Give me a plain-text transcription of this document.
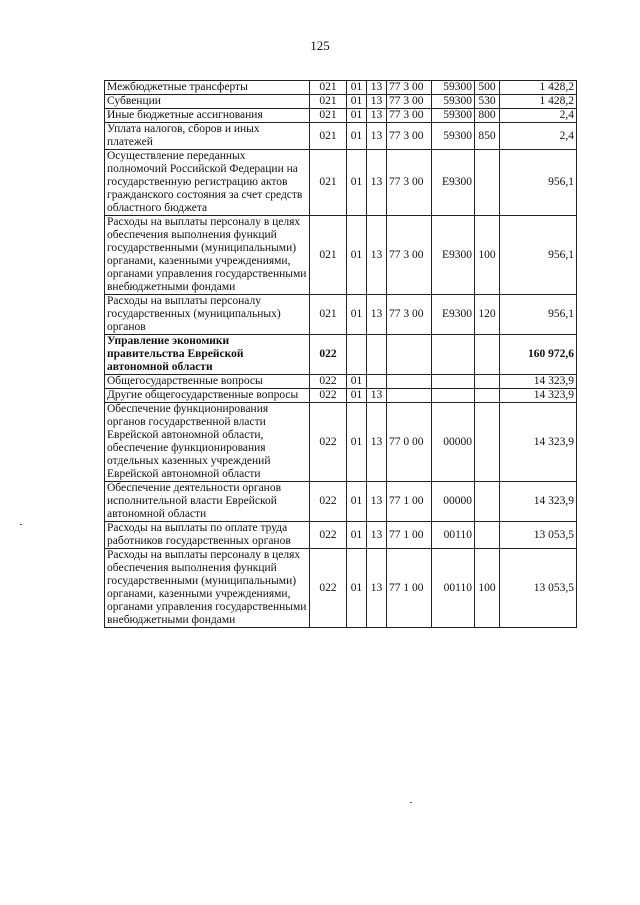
125
Межбюджетные трансферты	021	01	13	77 3 00	59300	500	1 428,2
Субвенции	021	01	13	77 3 00	59300	530	1 428,2
Иные бюджетные ассигнования	021	01	13	77 3 00	59300	800	2,4
Уплата налогов, сборов и иных платежей	021	01	13	77 3 00	59300	850	2,4
Осуществление переданных полномочий Российской Федерации на государственную регистрацию актов гражданского состояния за счет средств областного бюджета	021	01	13	77 3 00	E9300		956,1
Расходы на выплаты персоналу в целях обеспечения выполнения функций государственными (муниципальными) органами, казенными учреждениями, органами управления государственными внебюджетными фондами	021	01	13	77 3 00	E9300	100	956,1
Расходы на выплаты персоналу государственных (муниципальных) органов	021	01	13	77 3 00	E9300	120	956,1
Управление экономики правительства Еврейской автономной области	022						160 972,6
Общегосударственные вопросы	022	01					14 323,9
Другие общегосударственные вопросы	022	01	13				14 323,9
Обеспечение функционирования органов государственной власти Еврейской автономной области, обеспечение функционирования отдельных казенных учреждений Еврейской автономной области	022	01	13	77 0 00	00000		14 323,9
Обеспечение деятельности органов исполнительной власти Еврейской автономной области	022	01	13	77 1 00	00000		14 323,9
Расходы на выплаты по оплате труда работников государственных органов	022	01	13	77 1 00	00110		13 053,5
Расходы на выплаты персоналу в целях обеспечения выполнения функций государственными (муниципальными) органами, казенными учреждениями, органами управления государственными внебюджетными фондами	022	01	13	77 1 00	00110	100	13 053,5
